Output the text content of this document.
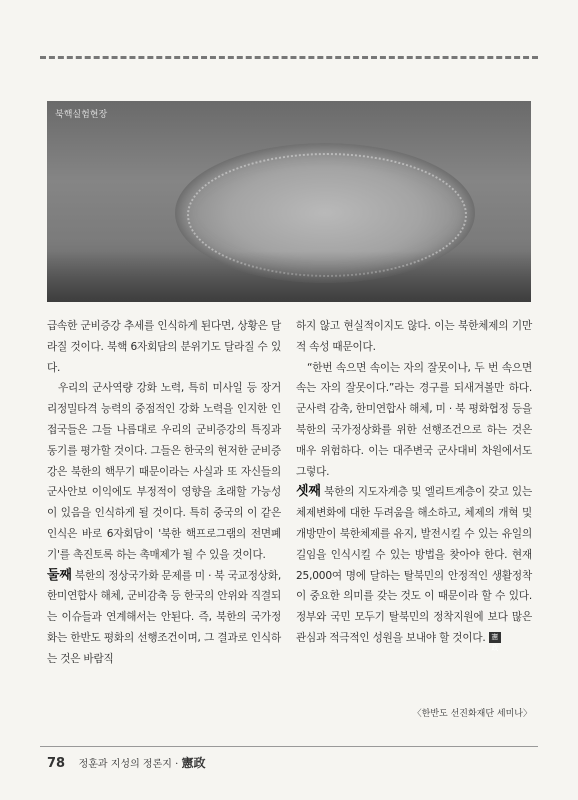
북핵실험현장

급속한 군비증강 추세를 인식하게 된다면, 상황은 달라질 것이다. 북핵 6자회담의 분위기도 달라질 수 있다.

우리의 군사역량 강화 노력, 특히 미사일 등 장거리정밀타격 능력의 중점적인 강화 노력을 인지한 인접국들은 그들 나름대로 우리의 군비증강의 특징과 동기를 평가할 것이다. 그들은 한국의 현저한 군비증강은 북한의 핵무기 때문이라는 사실과 또 자신들의 군사안보 이익에도 부정적이 영향을 초래할 가능성이 있음을 인식하게 될 것이다. 특히 중국의 이 같은 인식은 바로 6자회담이 '북한 핵프로그램의 전면폐기'를 촉진토록 하는 촉매제가 될 수 있을 것이다.

둘째 북한의 정상국가화 문제를 미 · 북 국교정상화, 한미연합사 해체, 군비감축 등 한국의 안위와 직결되는 이슈들과 연계해서는 안된다. 즉, 북한의 국가정화는 한반도 평화의 선행조건이며, 그 결과로 인식하는 것은 바람직

하지 않고 현실적이지도 않다. 이는 북한체제의 기만적 속성 때문이다.

“한번 속으면 속이는 자의 잘못이나, 두 번 속으면 속는 자의 잘못이다.”라는 경구를 되새겨볼만 하다. 군사력 감축, 한미연합사 해체, 미 · 북 평화협정 등을 북한의 국가정상화를 위한 선행조건으로 하는 것은 매우 위험하다. 이는 대주변국 군사대비 차원에서도 그렇다.

셋째 북한의 지도자계층 및 엘리트계층이 갖고 있는 체제변화에 대한 두려움을 해소하고, 체제의 개혁 및 개방만이 북한체제를 유지, 발전시킬 수 있는 유일의 길임을 인식시킬 수 있는 방법을 찾아야 한다. 현재 25,000여 명에 달하는 탈북민의 안정적인 생활정착이 중요한 의미를 갖는 것도 이 때문이라 할 수 있다. 정부와 국민 모두기 탈북민의 정착지원에 보다 많은 관심과 적극적인 성원을 보내야 할 것이다. 憲政

〈한반도 선진화재단 세미나〉
78 정훈과 지성의 정론지 · 憲政
